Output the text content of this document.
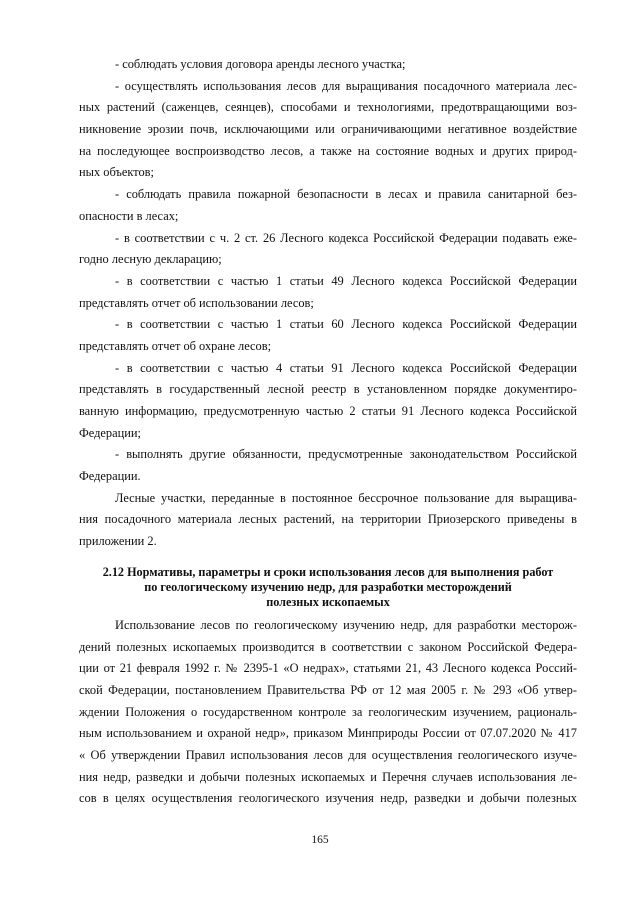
- соблюдать условия договора аренды лесного участка;
- осуществлять использования лесов для выращивания посадочного материала лес-
ных растений (саженцев, сеянцев), способами и технологиями, предотвращающими воз-
никновение эрозии почв, исключающими или ограничивающими негативное воздействие
на последующее воспроизводство лесов, а также на состояние водных и других природ-
ных объектов;
- соблюдать правила пожарной безопасности в лесах и правила санитарной без-
опасности в лесах;
- в соответствии с ч. 2 ст. 26 Лесного кодекса Российской Федерации подавать еже-
годно лесную декларацию;
- в соответствии с частью 1 статьи 49 Лесного кодекса Российской Федерации
представлять отчет об использовании лесов;
- в соответствии с частью 1 статьи 60 Лесного кодекса Российской Федерации
представлять отчет об охране лесов;
- в соответствии с частью 4 статьи 91 Лесного кодекса Российской Федерации
представлять в государственный лесной реестр в установленном порядке документиро-
ванную информацию, предусмотренную частью 2 статьи 91 Лесного кодекса Российской
Федерации;
- выполнять другие обязанности, предусмотренные законодательством Российской
Федерации.
Лесные участки, переданные в постоянное бессрочное пользование для выращива-
ния посадочного материала лесных растений, на территории Приозерского приведены в
приложении 2.
2.12 Нормативы, параметры и сроки использования лесов для выполнения работ
по геологическому изучению недр, для разработки месторождений
полезных ископаемых
Использование лесов по геологическому изучению недр, для разработки месторож-
дений полезных ископаемых производится в соответствии с законом Российской Федера-
ции от 21 февраля 1992 г. № 2395-1 «О недрах», статьями 21, 43 Лесного кодекса Россий-
ской Федерации, постановлением Правительства РФ от 12 мая 2005 г. № 293 «Об утвер-
ждении Положения о государственном контроле за геологическим изучением, рациональ-
ным использованием и охраной недр», приказом Минприроды России от 07.07.2020 № 417
« Об утверждении Правил использования лесов для осуществления геологического изуче-
ния недр, разведки и добычи полезных ископаемых и Перечня случаев использования ле-
сов в целях осуществления геологического изучения недр, разведки и добычи полезных
165
